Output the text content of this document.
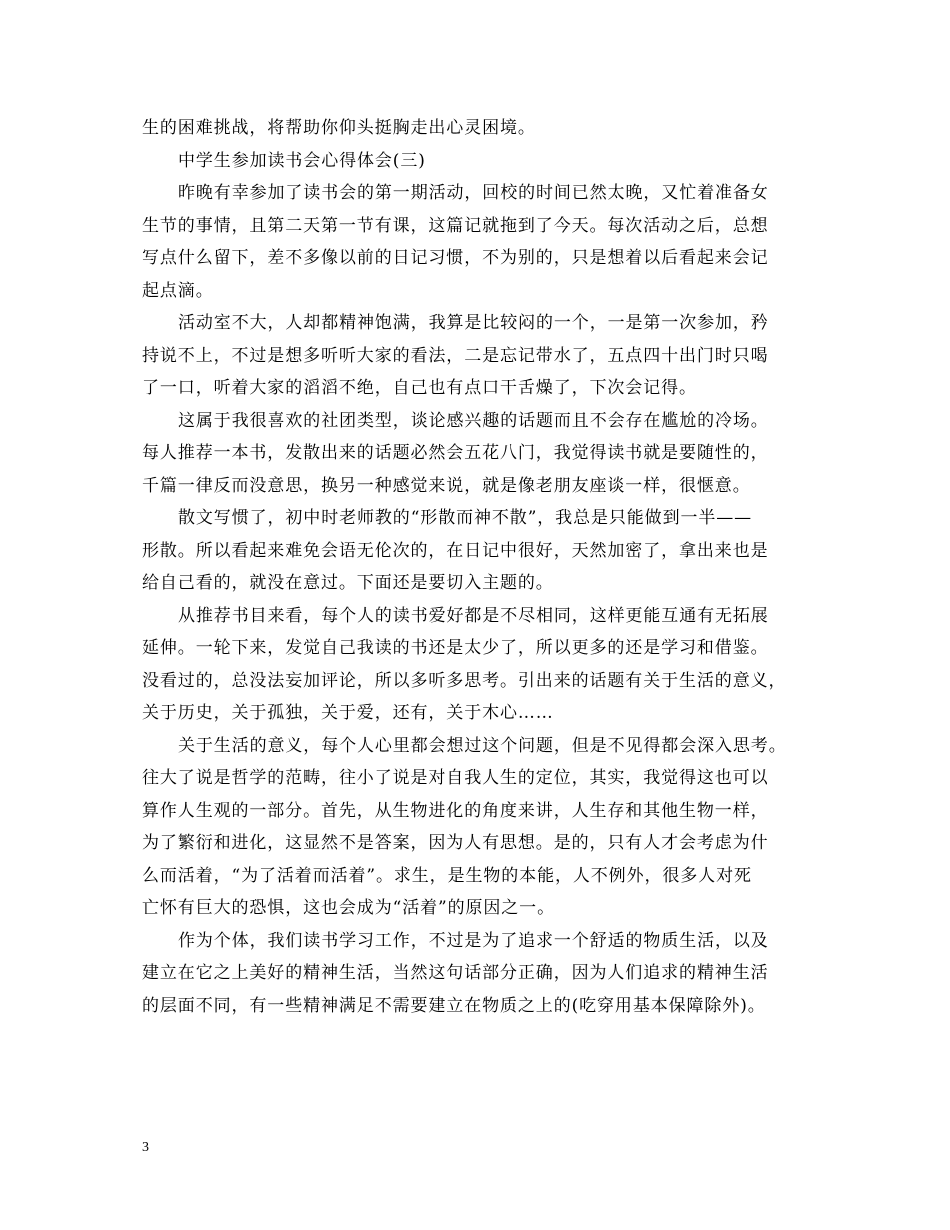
生的困难挑战，将帮助你仰头挺胸走出心灵困境。
中学生参加读书会心得体会(三)
昨晚有幸参加了读书会的第一期活动，回校的时间已然太晚，又忙着准备女
生节的事情，且第二天第一节有课，这篇记就拖到了今天。每次活动之后，总想
写点什么留下，差不多像以前的日记习惯，不为别的，只是想着以后看起来会记
起点滴。
活动室不大，人却都精神饱满，我算是比较闷的一个，一是第一次参加，矜
持说不上，不过是想多听听大家的看法，二是忘记带水了，五点四十出门时只喝
了一口，听着大家的滔滔不绝，自己也有点口干舌燥了，下次会记得。
这属于我很喜欢的社团类型，谈论感兴趣的话题而且不会存在尴尬的冷场。
每人推荐一本书，发散出来的话题必然会五花八门，我觉得读书就是要随性的，
千篇一律反而没意思，换另一种感觉来说，就是像老朋友座谈一样，很惬意。
散文写惯了，初中时老师教的“形散而神不散”，我总是只能做到一半——
形散。所以看起来难免会语无伦次的，在日记中很好，天然加密了，拿出来也是
给自己看的，就没在意过。下面还是要切入主题的。
从推荐书目来看，每个人的读书爱好都是不尽相同，这样更能互通有无拓展
延伸。一轮下来，发觉自己我读的书还是太少了，所以更多的还是学习和借鉴。
没看过的，总没法妄加评论，所以多听多思考。引出来的话题有关于生活的意义，
关于历史，关于孤独，关于爱，还有，关于木心……
关于生活的意义，每个人心里都会想过这个问题，但是不见得都会深入思考。
往大了说是哲学的范畴，往小了说是对自我人生的定位，其实，我觉得这也可以
算作人生观的一部分。首先，从生物进化的角度来讲，人生存和其他生物一样，
为了繁衍和进化，这显然不是答案，因为人有思想。是的，只有人才会考虑为什
么而活着，“为了活着而活着”。求生，是生物的本能，人不例外，很多人对死
亡怀有巨大的恐惧，这也会成为“活着”的原因之一。
作为个体，我们读书学习工作，不过是为了追求一个舒适的物质生活，以及
建立在它之上美好的精神生活，当然这句话部分正确，因为人们追求的精神生活
的层面不同，有一些精神满足不需要建立在物质之上的(吃穿用基本保障除外)。
3
